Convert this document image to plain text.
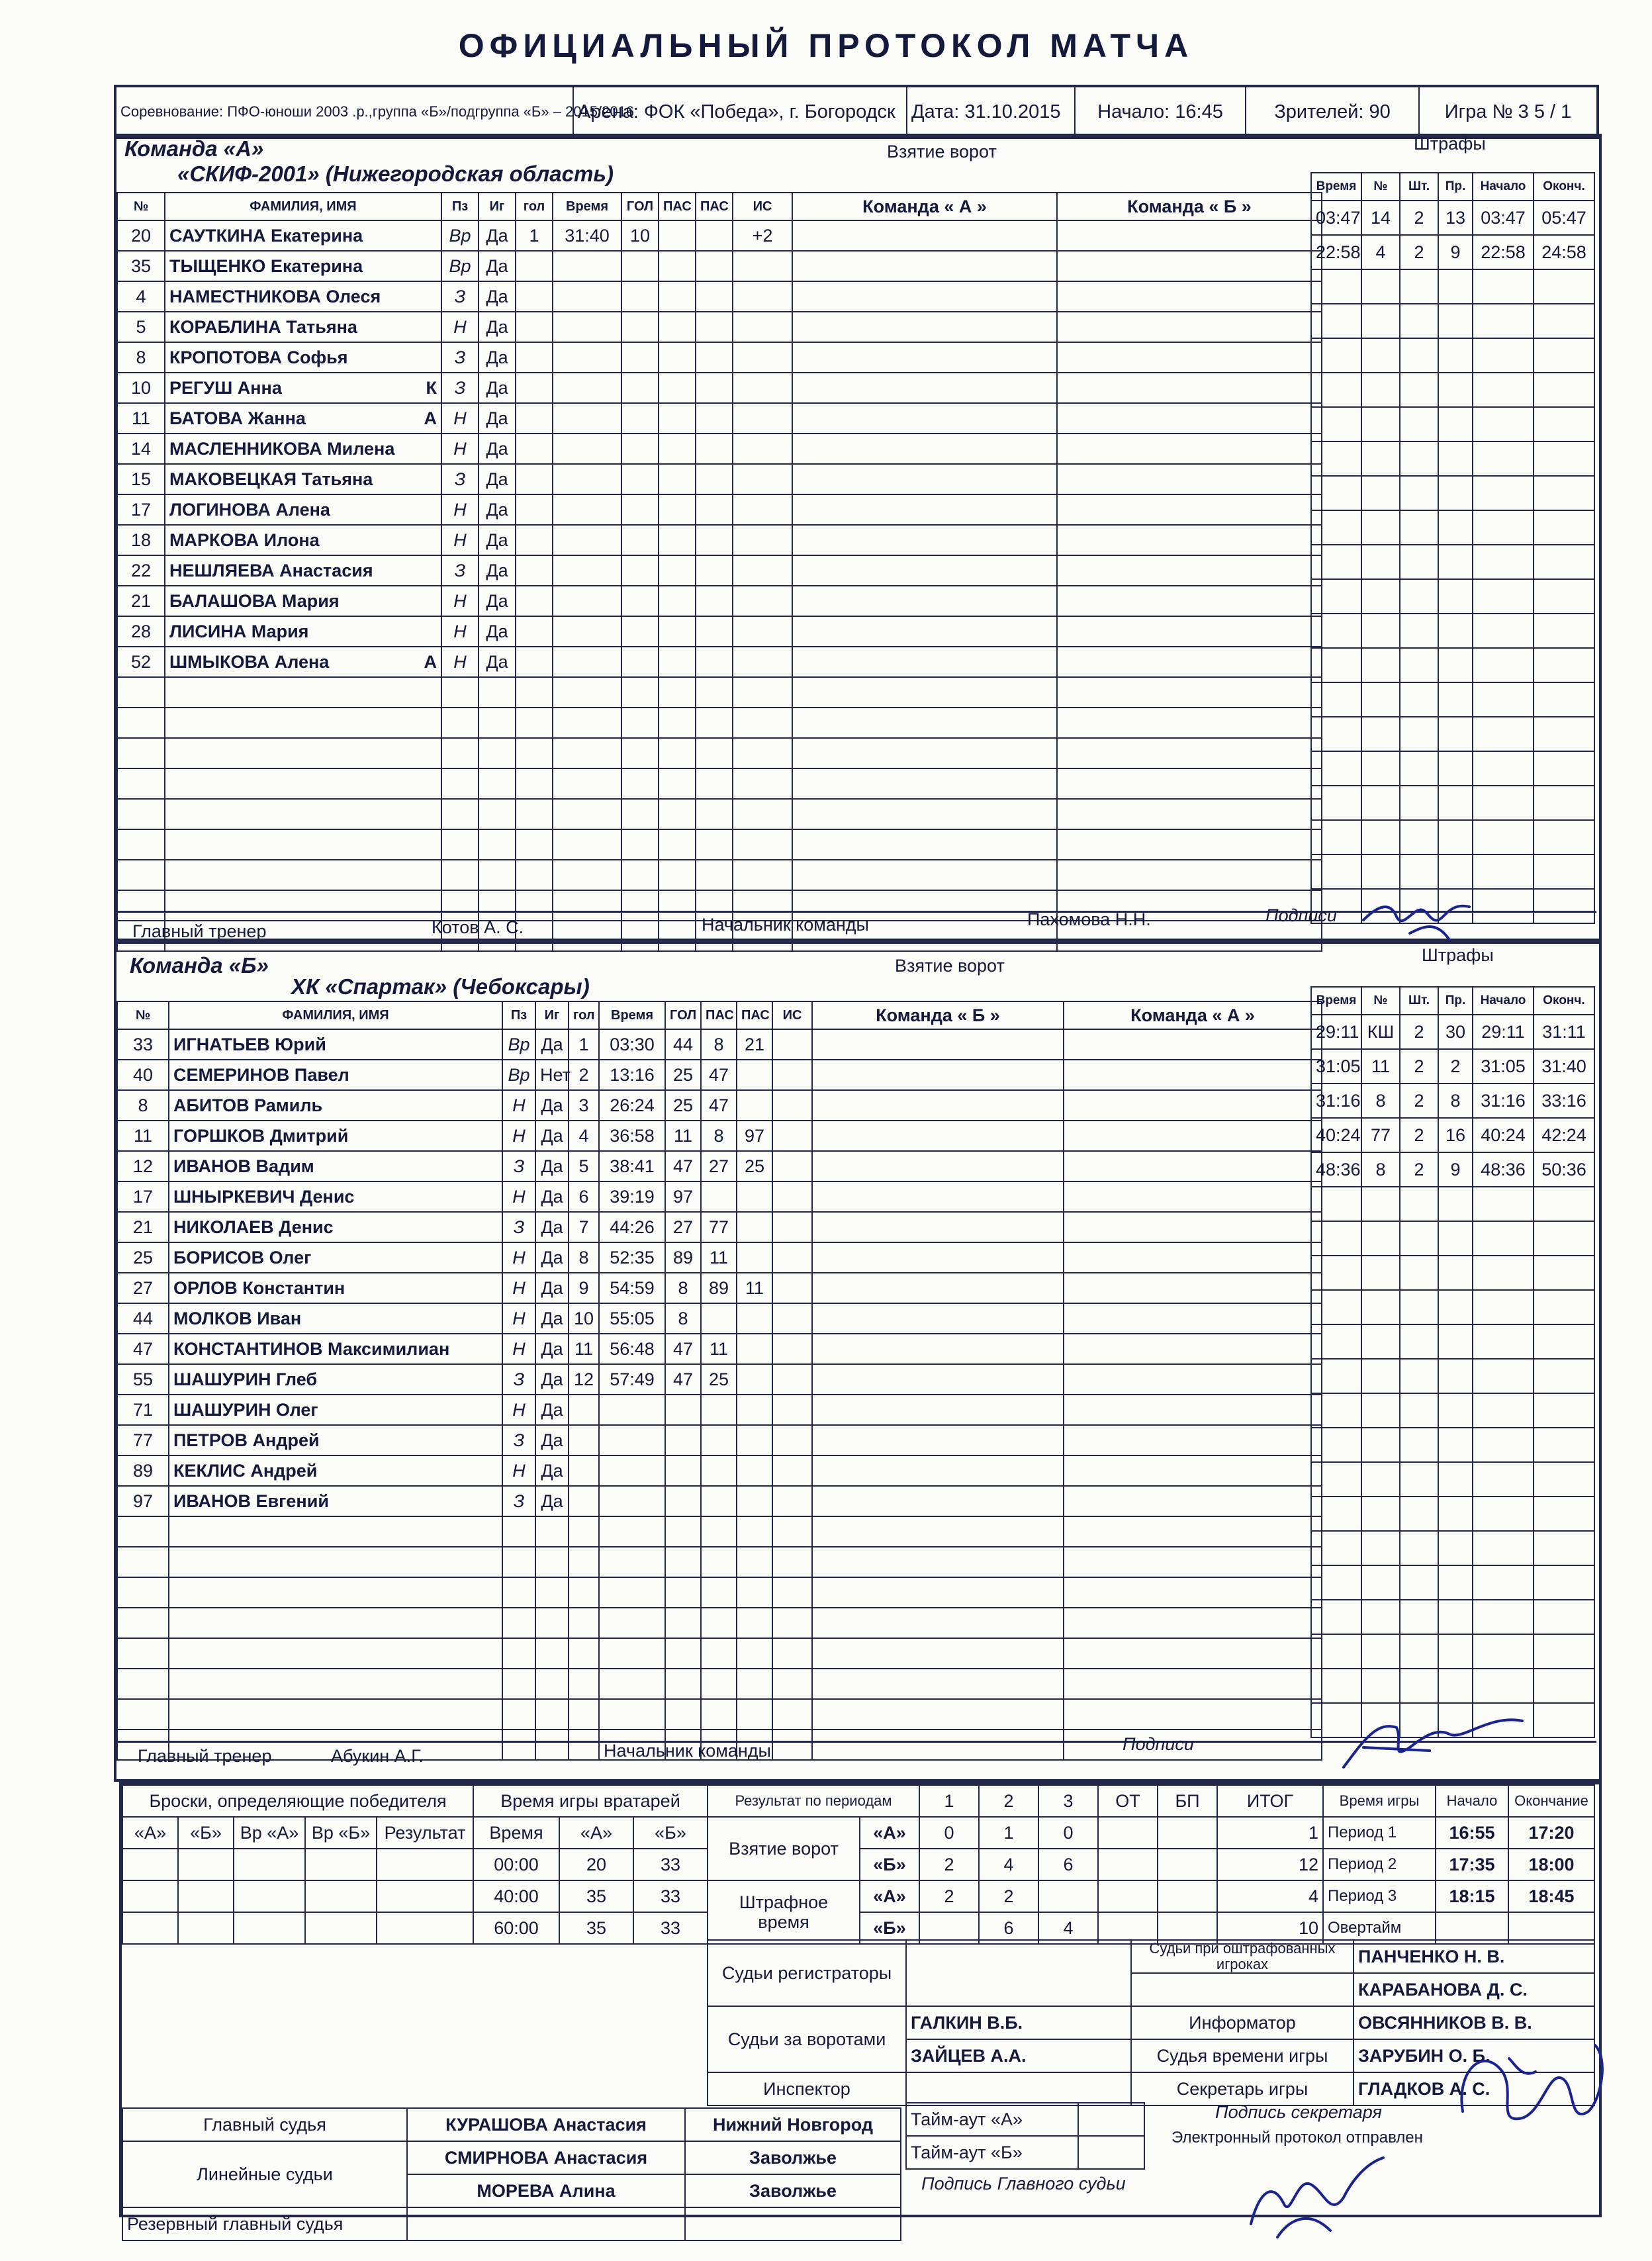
ОФИЦИАЛЬНЫЙ ПРОТОКОЛ МАТЧА
Соревнование: ПФО-юноши 2003 .р.,группа «Б»/подгруппа «Б» – 2015/2016	Арена: ФОК «Победа», г. Богородск	Дата: 31.10.2015	Начало: 16:45	Зрителей: 90	Игра № 3 5 / 1
Команда «А»
«СКИФ-2001» (Нижегородская область)
Взятие ворот	Штрафы
№	ФАМИЛИЯ, ИМЯ	Пз	Иг	гол	Время	ГОЛ	ПАС	ПАС	ИС	Команда « А »	Команда « Б »
20	САУТКИНА Екатерина	Вр	Да	1	31:40	10			+2		
35	ТЫЩЕНКО Екатерина	Вр	Да								
4	НАМЕСТНИКОВА Олеся	З	Да								
5	КОРАБЛИНА Татьяна	Н	Да								
8	КРОПОТОВА Софья	З	Да								
10	РЕГУШ Анна К	З	Да								
11	БАТОВА Жанна А	Н	Да								
14	МАСЛЕННИКОВА Милена	Н	Да								
15	МАКОВЕЦКАЯ Татьяна	З	Да								
17	ЛОГИНОВА Алена	Н	Да								
18	МАРКОВА Илона	Н	Да								
22	НЕШЛЯЕВА Анастасия	З	Да								
21	БАЛАШОВА Мария	Н	Да								
28	ЛИСИНА Мария	Н	Да								
52	ШМЫКОВА Алена А	Н	Да								

Время	№	Шт.	Пр.	Начало	Оконч.
03:47	14	2	13	03:47	05:47
22:58	4	2	9	22:58	24:58

Главный тренер	Котов А. С.	Начальник команды	Пахомова Н.Н.	Подписи
Команда «Б»
ХК «Спартак» (Чебоксары)
Взятие ворот
Штрафы
№	ФАМИЛИЯ, ИМЯ	Пз	Иг	гол	Время	ГОЛ	ПАС	ПАС	ИС	Команда « Б »	Команда « А »
33	ИГНАТЬЕВ Юрий	Вр	Да	1	03:30	44	8	21			
40	СЕМЕРИНОВ Павел	Вр	Нет	2	13:16	25	47				
8	АБИТОВ Рамиль	Н	Да	3	26:24	25	47				
11	ГОРШКОВ Дмитрий	Н	Да	4	36:58	11	8	97			
12	ИВАНОВ Вадим	З	Да	5	38:41	47	27	25			
17	ШНЫРКЕВИЧ Денис	Н	Да	6	39:19	97					
21	НИКОЛАЕВ Денис	З	Да	7	44:26	27	77				
25	БОРИСОВ Олег	Н	Да	8	52:35	89	11				
27	ОРЛОВ Константин	Н	Да	9	54:59	8	89	11			
44	МОЛКОВ Иван	Н	Да	10	55:05	8					
47	КОНСТАНТИНОВ Максимилиан	Н	Да	11	56:48	47	11				
55	ШАШУРИН Глеб	З	Да	12	57:49	47	25				
71	ШАШУРИН Олег	Н	Да								
77	ПЕТРОВ Андрей	З	Да								
89	КЕКЛИС Андрей	Н	Да								
97	ИВАНОВ Евгений	З	Да								

Время	№	Шт.	Пр.	Начало	Оконч.
29:11	КШ	2	30	29:11	31:11
31:05	11	2	2	31:05	31:40
31:16	8	2	8	31:16	33:16
40:24	77	2	16	40:24	42:24
48:36	8	2	9	48:36	50:36

Главный тренер	Абукин А.Г.	Начальник команды	Подписи
Броски, определяющие победителя				
«А»	«Б»	Вр «А»	Вр «Б»	Результат

Время игры вратарей		
Время	«А»	«Б»
00:00	20	33
40:00	35	33
60:00	35	33
Результат по периодам		1	2	3	ОТ	БП	ИТОГ
Взятие ворот	«А»	0	1	0			1
	«Б»	2	4	6			12
Штрафное время	«А»	2	2				4
	«Б»		6	4			10
Время игры	Начало	Окончание
Период 1	16:55	17:20
Период 2	17:35	18:00
Период 3	18:15	18:45
Овертайм		
Судьи регистраторы		Судьи при оштрафованных игроках	ПАНЧЕНКО Н. В.
			КАРАБАНОВА Д. С.
Судьи за воротами	ГАЛКИН В.Б.	Информатор	ОВСЯННИКОВ В. В.
	ЗАЙЦЕВ А.А.	Судья времени игры	ЗАРУБИН О. Б.
Инспектор		Секретарь игры	ГЛАДКОВ А. С.
Главный судья	КУРАШОВА Анастасия	Нижний Новгород
Линейные судьи	СМИРНОВА Анастасия	Заволжье
	МОРЕВА Алина	Заволжье
Резервный главный судья		
Тайм-аут «А»	
Тайм-аут «Б»	
Подпись Главного судьи
Подпись секретаря
Электронный протокол отправлен
